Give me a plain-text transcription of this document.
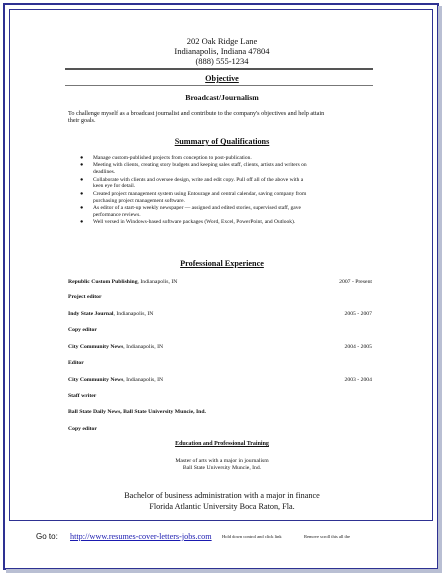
202 Oak Ridge Lane
Indianapolis, Indiana 47804
(888) 555-1234
Objective
Broadcast/Journalism
To challenge myself as a broadcast journalist and contribute to the company's objectives and help attain
their goals.
Summary of Qualifications
● Manage custom-published projects from conception to post-publication.
● Meeting with clients, creating story budgets and keeping sales staff, clients, artists and writers on
deadlines.
● Collaborate with clients and oversee design, write and edit copy. Pull off all of the above with a
keen eye for detail.
● Created project management system using Entourage and central calendar, saving company from
purchasing project management software.
● As editor of a start-up weekly newspaper — assigned and edited stories, supervised staff, gave
performance reviews.
● Well versed in Windows-based software packages (Word, Excel, PowerPoint, and Outlook).
Professional Experience
Republic Custom Publishing, Indianapolis, IN	2007 - Present
Project editor
Indy State Journal, Indianapolis, IN	2005 - 2007
Copy editor
City Community News, Indianapolis, IN	2004 - 2005
Editor
City Community News, Indianapolis, IN	2003 - 2004
Staff writer
Ball State Daily News, Ball State University Muncie, Ind.
Copy editor
Education and Professional Training
Master of arts with a major in journalism
Ball State University Muncie, Ind.
Bachelor of business administration with a major in finance
Florida Atlantic University Boca Raton, Fla.
Go to: http://www.resumes-cover-letters-jobs.com Hold down control and click link	Remove scroll this all the
